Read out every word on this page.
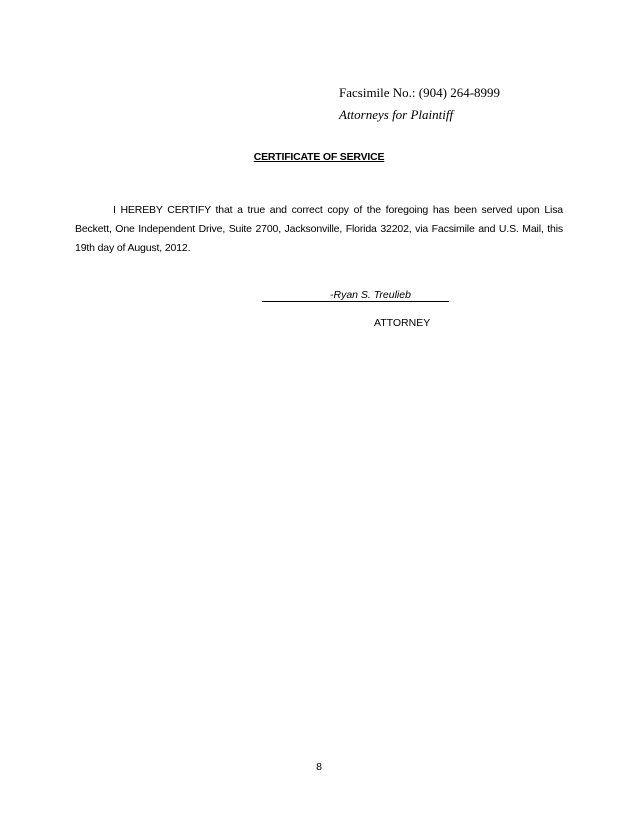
Facsimile No.: (904) 264-8999
Attorneys for Plaintiff
CERTIFICATE OF SERVICE
I HEREBY CERTIFY that a true and correct copy of the foregoing has been served upon Lisa Beckett, One Independent Drive, Suite 2700, Jacksonville, Florida 32202, via Facsimile and U.S. Mail, this 19th day of August, 2012.
-Ryan S. Treulieb
ATTORNEY
8
